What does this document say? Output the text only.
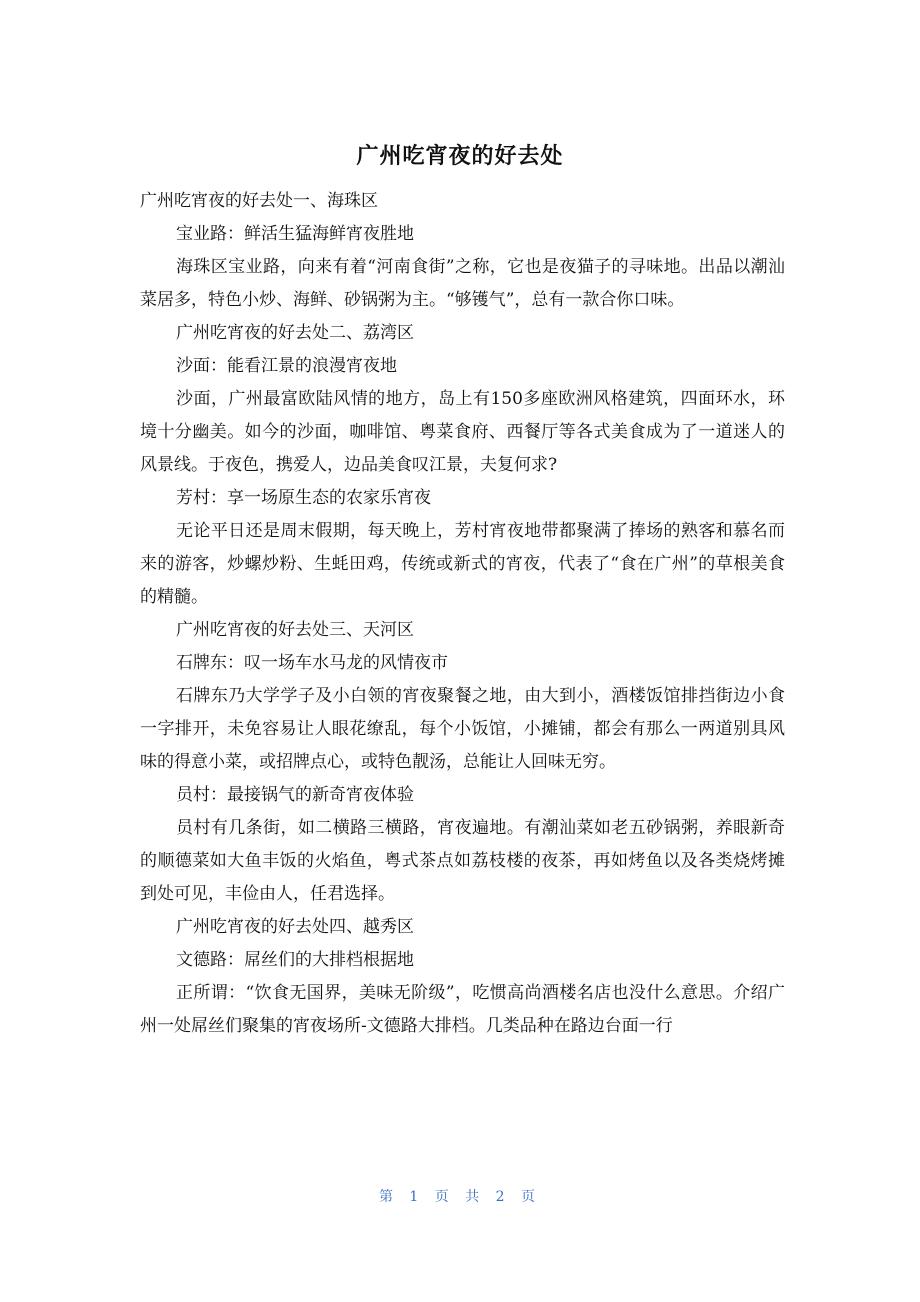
广州吃宵夜的好去处

广州吃宵夜的好去处一、海珠区

宝业路：鲜活生猛海鲜宵夜胜地

海珠区宝业路，向来有着“河南食街”之称，它也是夜猫子的寻味地。出品以潮汕菜居多，特色小炒、海鲜、砂锅粥为主。“够镬气”，总有一款合你口味。

广州吃宵夜的好去处二、荔湾区

沙面：能看江景的浪漫宵夜地

沙面，广州最富欧陆风情的地方，岛上有150多座欧洲风格建筑，四面环水，环境十分幽美。如今的沙面，咖啡馆、粤菜食府、西餐厅等各式美食成为了一道迷人的风景线。于夜色，携爱人，边品美食叹江景，夫复何求?

芳村：享一场原生态的农家乐宵夜

无论平日还是周末假期，每天晚上，芳村宵夜地带都聚满了捧场的熟客和慕名而来的游客，炒螺炒粉、生蚝田鸡，传统或新式的宵夜，代表了“食在广州”的草根美食的精髓。

广州吃宵夜的好去处三、天河区

石牌东：叹一场车水马龙的风情夜市

石牌东乃大学学子及小白领的宵夜聚餐之地，由大到小，酒楼饭馆排挡街边小食一字排开，未免容易让人眼花缭乱，每个小饭馆，小摊铺，都会有那么一两道别具风味的得意小菜，或招牌点心，或特色靓汤，总能让人回味无穷。

员村：最接锅气的新奇宵夜体验

员村有几条街，如二横路三横路，宵夜遍地。有潮汕菜如老五砂锅粥，养眼新奇的顺德菜如大鱼丰饭的火焰鱼，粤式茶点如荔枝楼的夜茶，再如烤鱼以及各类烧烤摊到处可见，丰俭由人，任君选择。

广州吃宵夜的好去处四、越秀区

文德路：屌丝们的大排档根据地

正所谓：“饮食无国界，美味无阶级”，吃惯高尚酒楼名店也没什么意思。介绍广州一处屌丝们聚集的宵夜场所-文德路大排档。几类品种在路边台面一行

第 1 页 共 2 页
